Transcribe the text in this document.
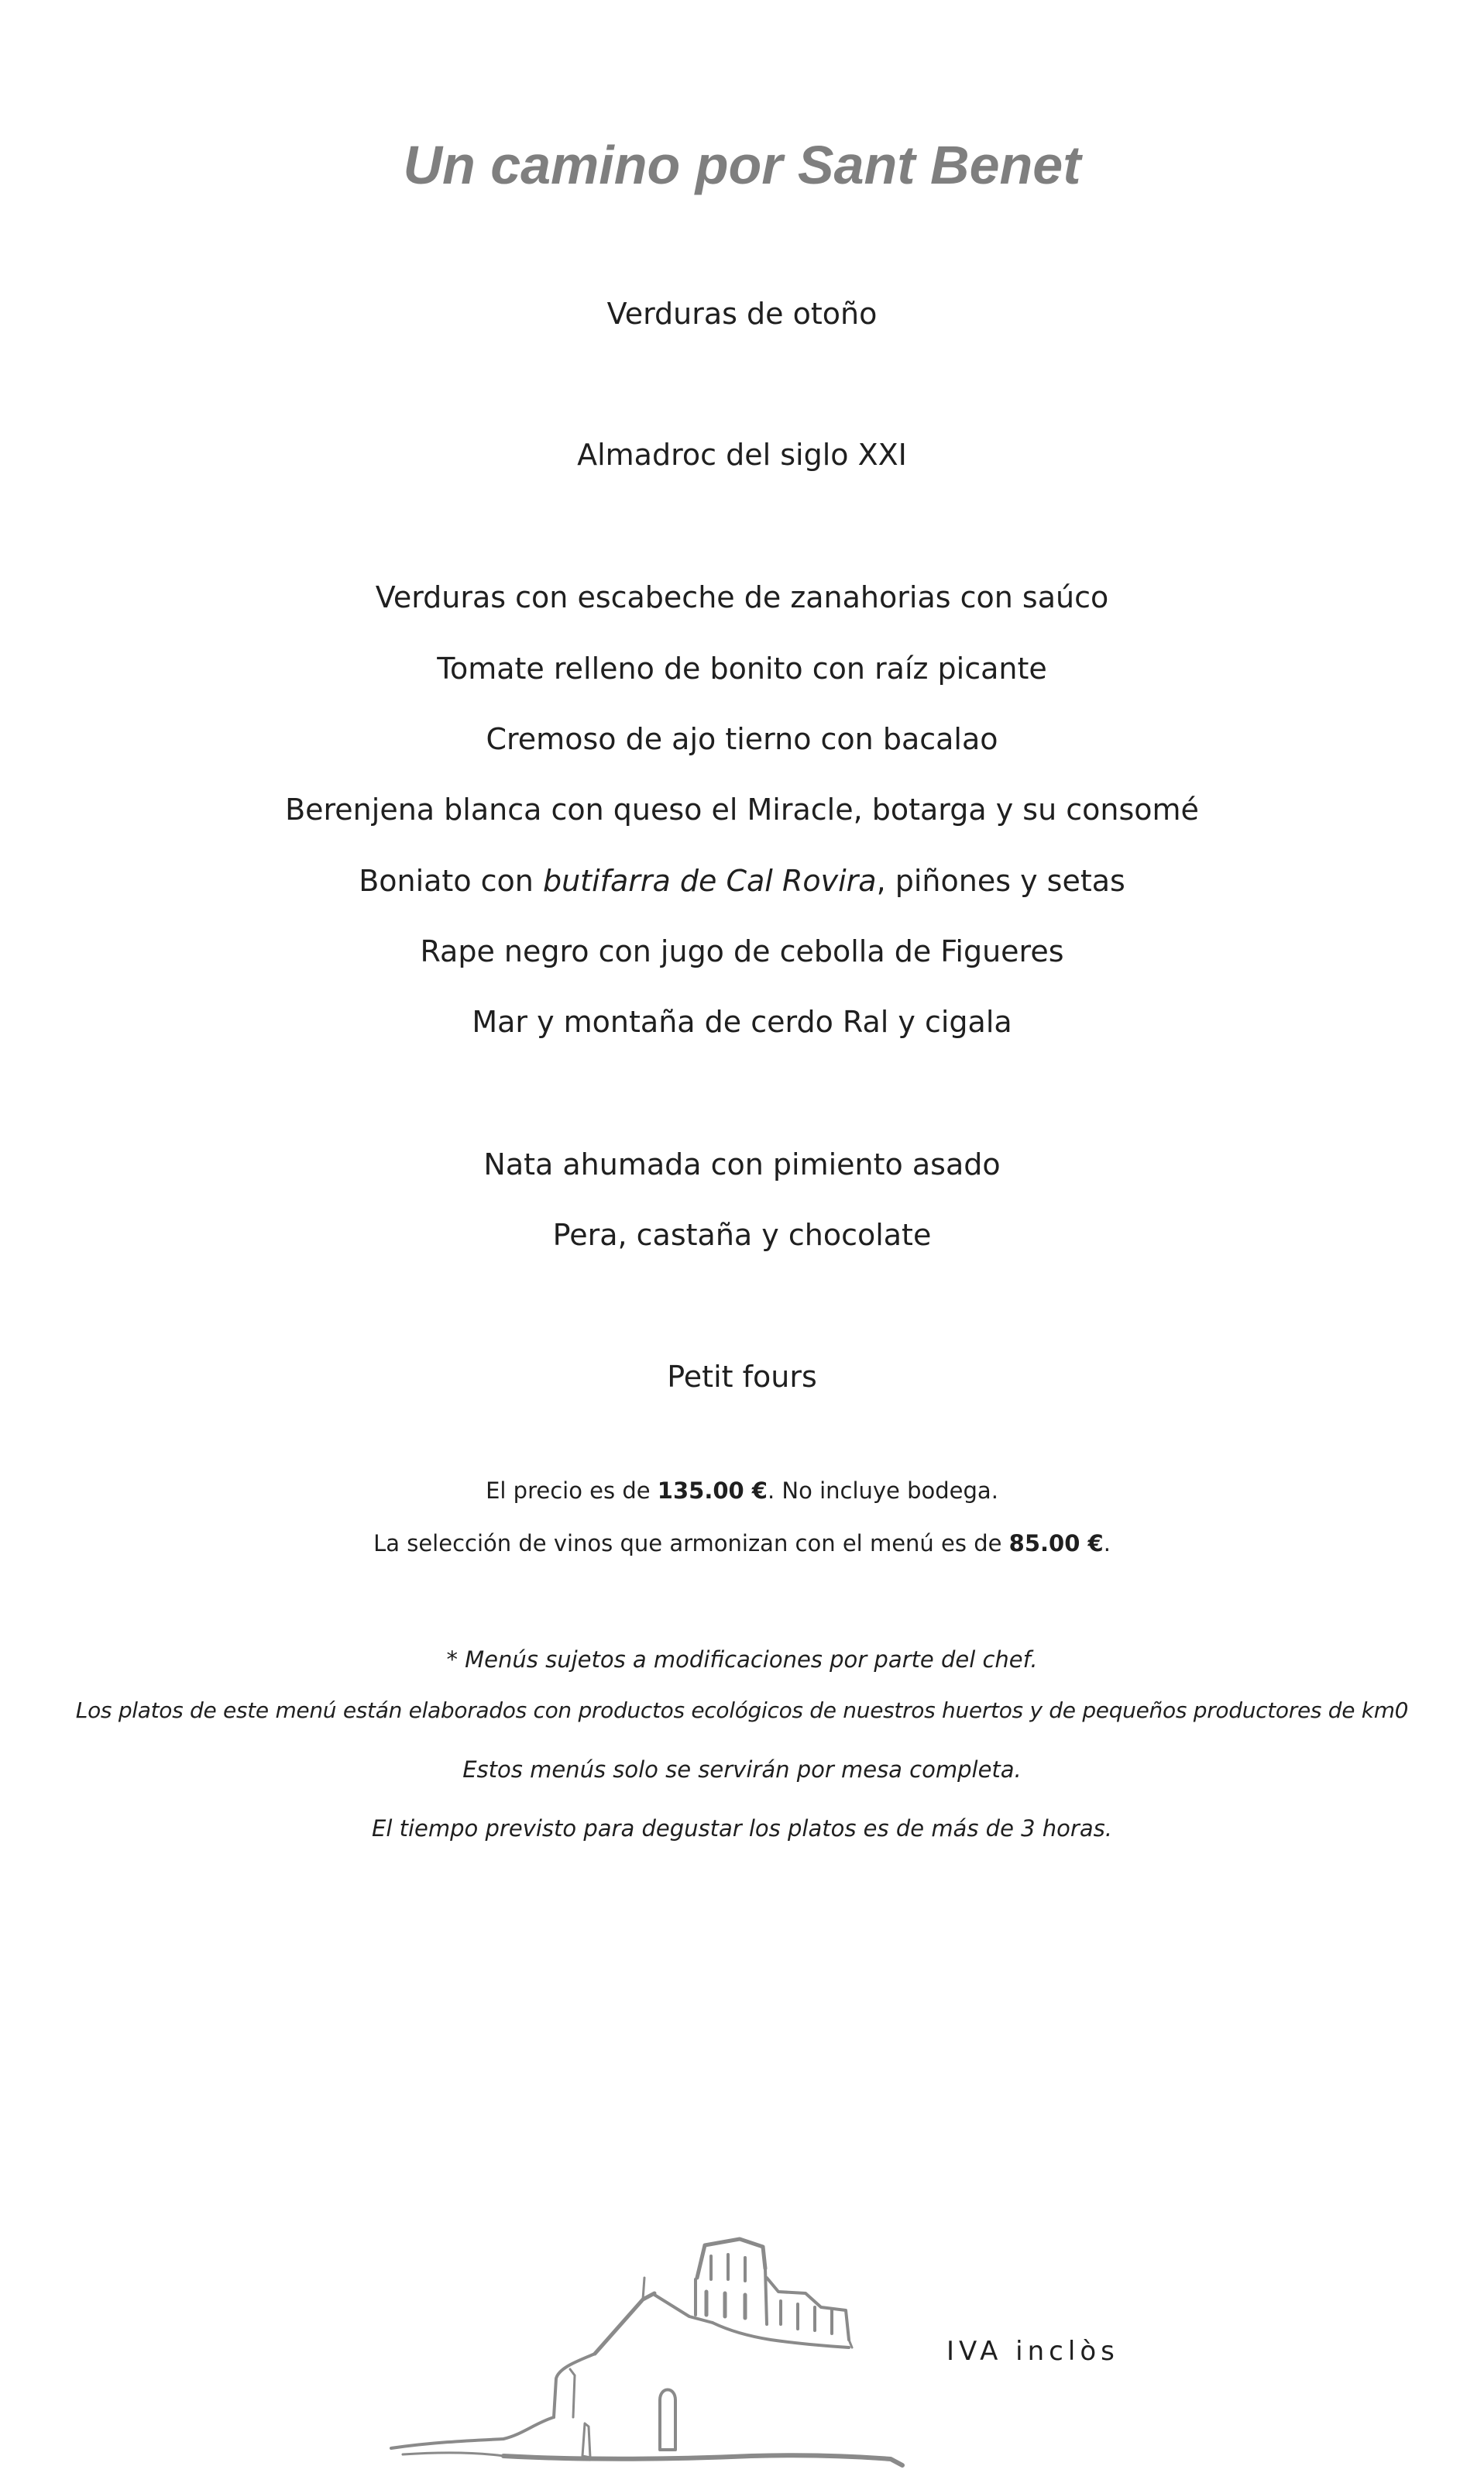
Un camino por Sant Benet
Verduras de otoño
Almadroc del siglo XXI
Verduras con escabeche de zanahorias con saúco
Tomate relleno de bonito con raíz picante
Cremoso de ajo tierno con bacalao
Berenjena blanca con queso el Miracle, botarga y su consomé
Boniato con butifarra de Cal Rovira, piñones y setas
Rape negro con jugo de cebolla de Figueres
Mar y montaña de cerdo Ral y cigala
Nata ahumada con pimiento asado
Pera, castaña y chocolate
Petit fours
El precio es de 135.00 €. No incluye bodega.
La selección de vinos que armonizan con el menú es de 85.00 €.
* Menús sujetos a modificaciones por parte del chef.
Los platos de este menú están elaborados con productos ecológicos de nuestros huertos y de pequeños productores de km0
Estos menús solo se servirán por mesa completa.
El tiempo previsto para degustar los platos es de más de 3 horas.
IVA inclòs
